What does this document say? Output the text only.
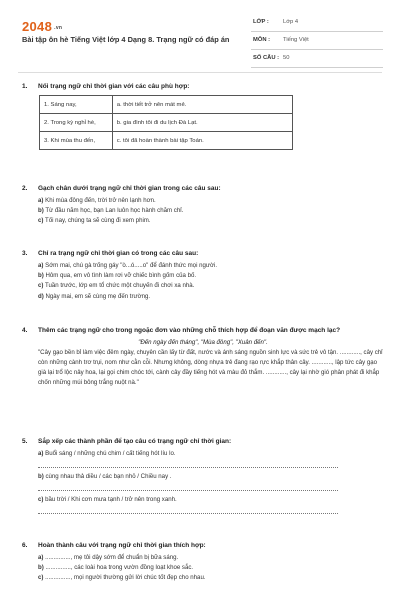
2048 .vn
Bài tập ôn hè Tiếng Việt lớp 4 Dạng 8. Trạng ngữ có đáp án
LỚP : Lớp 4
MÔN : Tiếng Việt
SỐ CÂU : 50
1. Nối trạng ngữ chỉ thời gian với các câu phù hợp:
1. Sáng nay,	a. thời tiết trở nên mát mẻ.
2. Trong kỳ nghỉ hè,	b. gia đình tôi đi du lịch Đà Lạt.
3. Khi mùa thu đến,	c. tôi đã hoàn thành bài tập Toán.
2. Gạch chân dưới trạng ngữ chỉ thời gian trong các câu sau:
a) Khi mùa đông đến, trời trở nên lạnh hơn.
b) Từ đầu năm học, bạn Lan luôn học hành chăm chỉ.
c) Tối nay, chúng ta sẽ cùng đi xem phim.
3. Chỉ ra trạng ngữ chỉ thời gian có trong các câu sau:
a) Sớm mai, chú gà trống gáy "ò...ó.....o" để đánh thức mọi người.
b) Hôm qua, em vô tình làm rơi vỡ chiếc bình gốm của bố.
c) Tuần trước, lớp em tổ chức một chuyến đi chơi xa nhà.
d) Ngày mai, em sẽ cùng mẹ đến trường.
4. Thêm các trạng ngữ cho trong ngoặc đơn vào những chỗ thích hợp để đoạn văn được mạch lạc?
"Đến ngày đến tháng", "Mùa đông", "Xuân đến".
"Cây gạo bền bỉ làm việc đêm ngày, chuyên cần lấy từ đất, nước và ánh sáng nguồn sinh lực và sức trẻ vô tận. ............, cây chỉ còn những cành trơ trụi, nom như cằn cỗi. Nhưng không, dòng nhựa trẻ đang rạo rực khắp thân cây. ............, lập tức cây gạo già lại trổ lộc nảy hoa, lại gọi chim chóc tới, cành cây đầy tiếng hót và màu đỏ thắm. ............, cây lại nhờ gió phân phát đi khắp chốn những múi bông trắng nuột nà."
5. Sắp xếp các thành phần để tạo câu có trạng ngữ chỉ thời gian:
a) Buổi sáng / những chú chim / cất tiếng hót líu lo.
b) cùng nhau thả diều / các bạn nhỏ / Chiều nay .
c) bầu trời / Khi cơn mưa tạnh / trở nên trong xanh.
6. Hoàn thành câu với trạng ngữ chỉ thời gian thích hợp:
a) ..............., mẹ tôi dậy sớm để chuẩn bị bữa sáng.
b) ..............., các loài hoa trong vườn đồng loạt khoe sắc.
c) ..............., mọi người thường gửi lời chúc tốt đẹp cho nhau.
